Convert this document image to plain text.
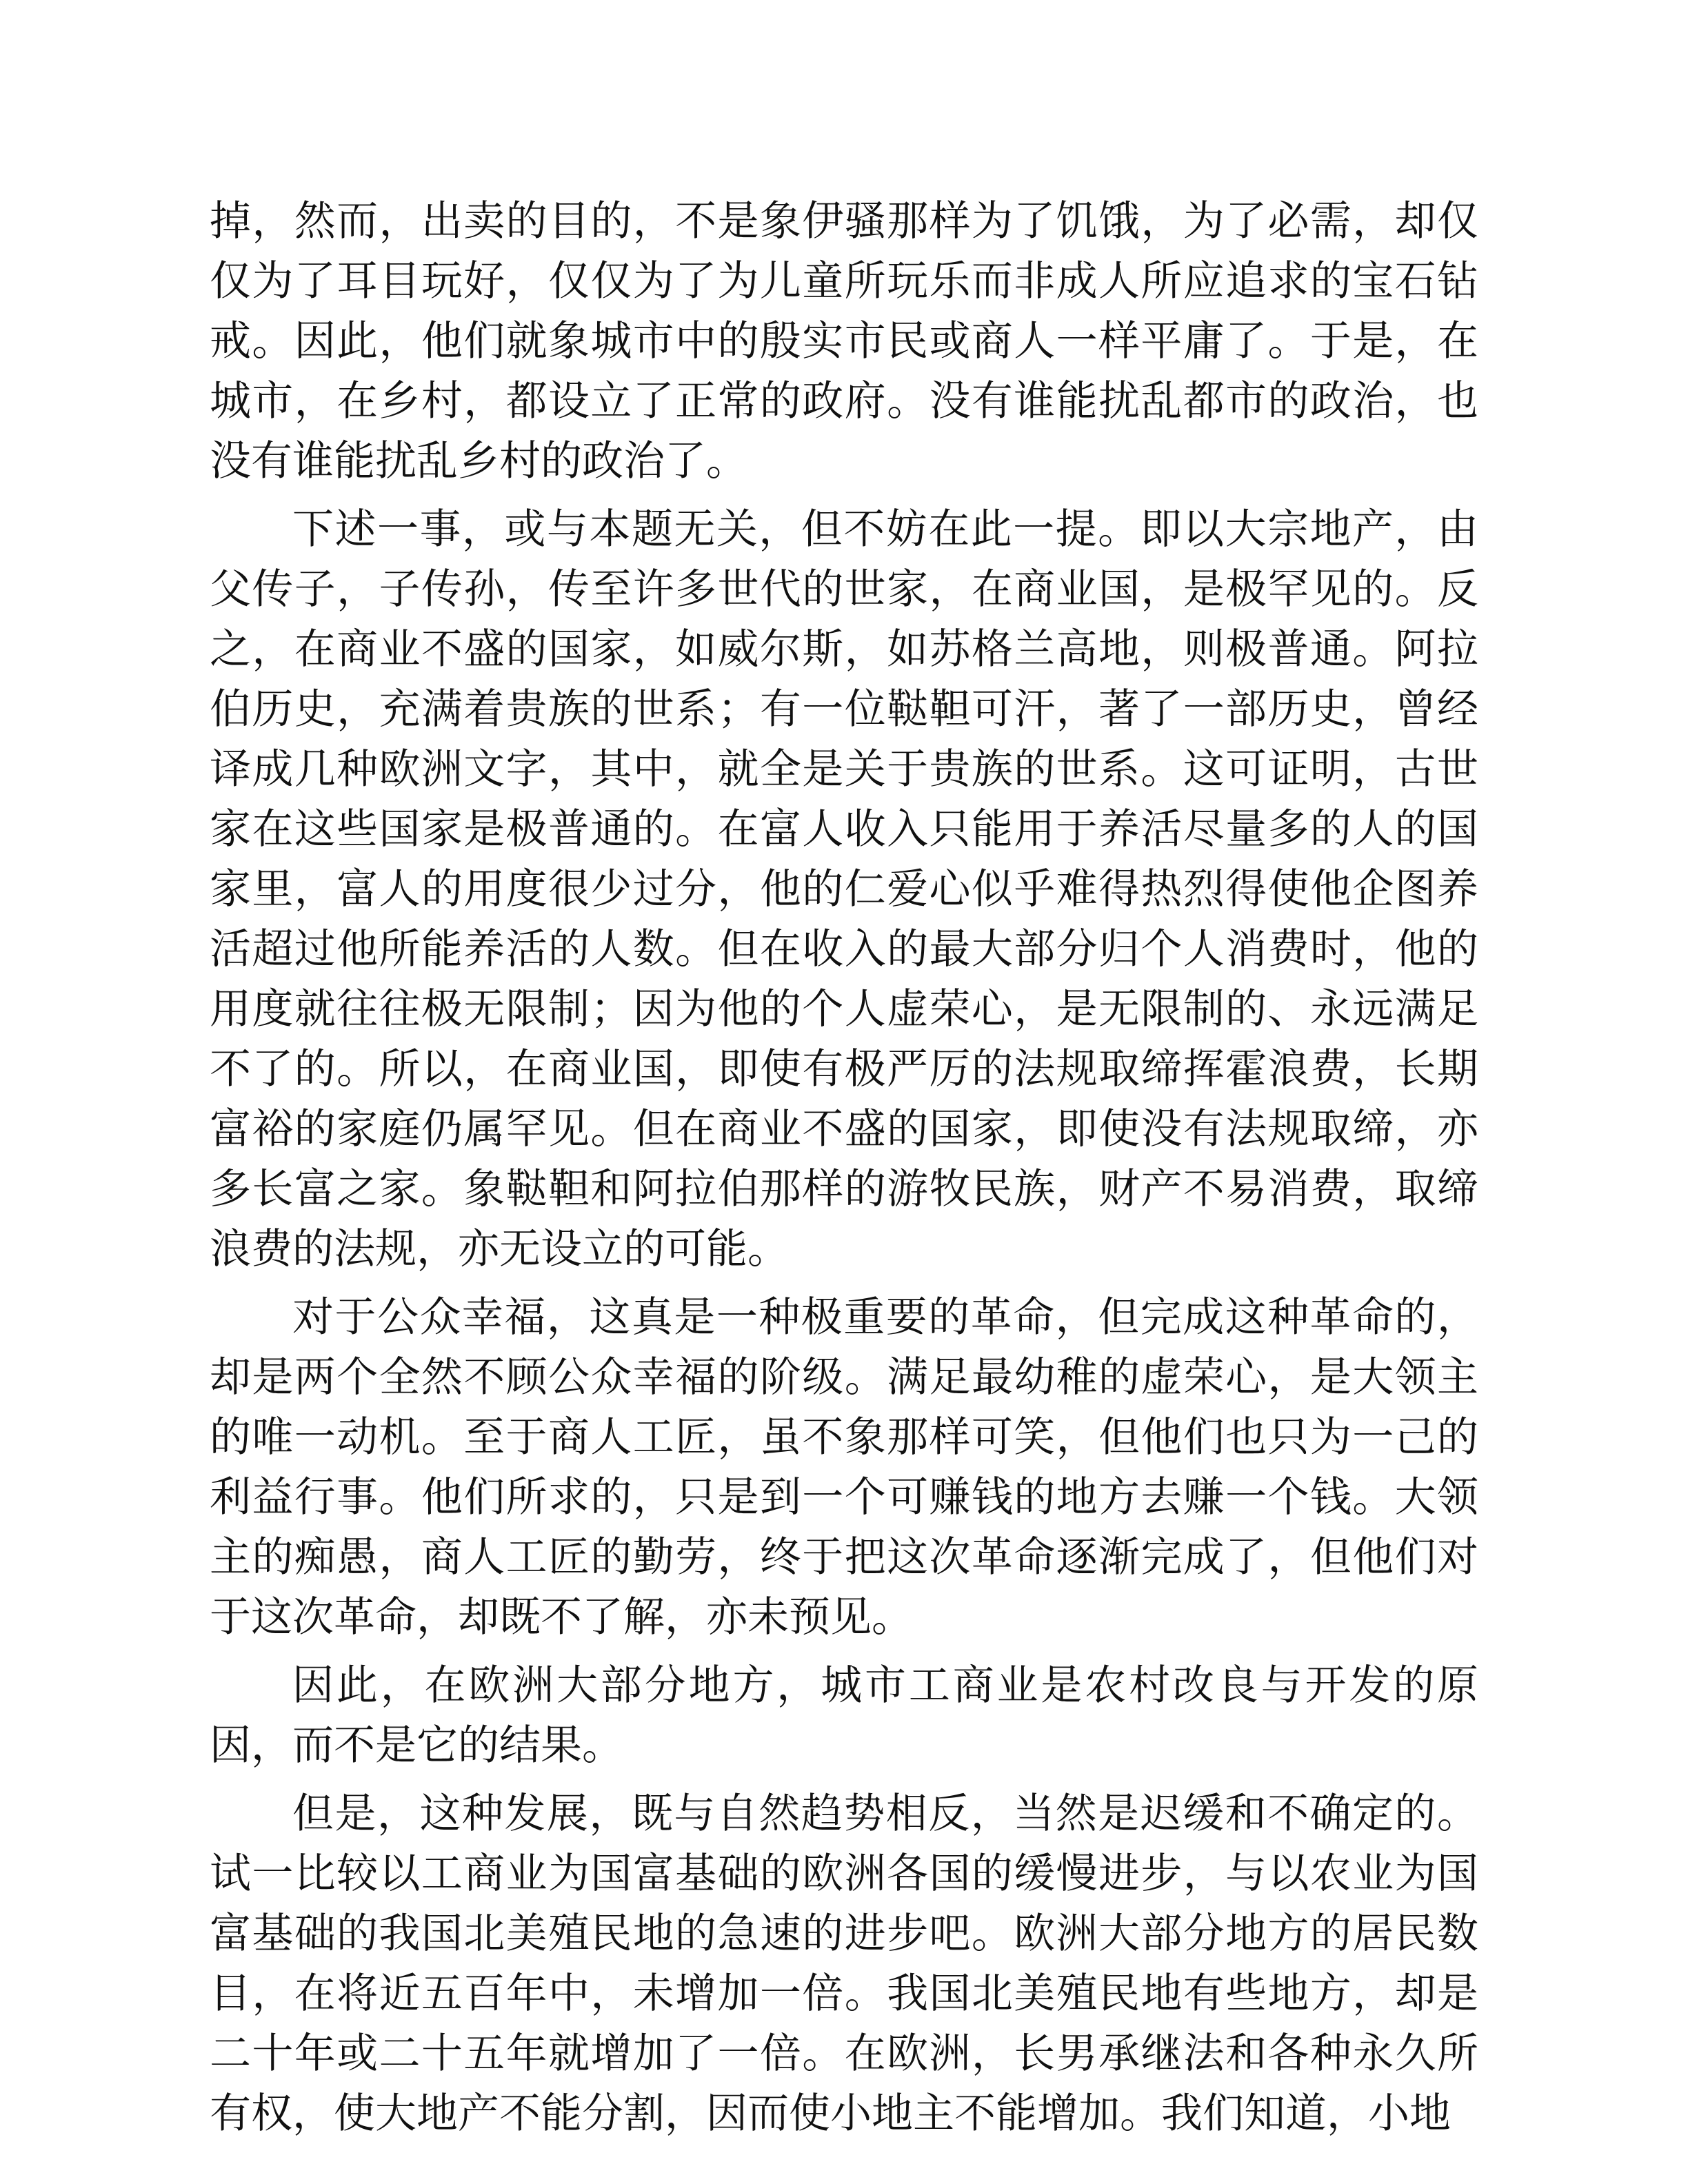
掉，然而，出卖的目的，不是象伊骚那样为了饥饿，为了必需，却仅仅为了耳目玩好，仅仅为了为儿童所玩乐而非成人所应追求的宝石钻戒。因此，他们就象城市中的殷实市民或商人一样平庸了。于是，在城市，在乡村，都设立了正常的政府。没有谁能扰乱都市的政治，也没有谁能扰乱乡村的政治了。

下述一事，或与本题无关，但不妨在此一提。即以大宗地产，由父传子，子传孙，传至许多世代的世家，在商业国，是极罕见的。反之，在商业不盛的国家，如威尔斯，如苏格兰高地，则极普通。阿拉伯历史，充满着贵族的世系；有一位鞑靼可汗，著了一部历史，曾经译成几种欧洲文字，其中，就全是关于贵族的世系。这可证明，古世家在这些国家是极普通的。在富人收入只能用于养活尽量多的人的国家里，富人的用度很少过分，他的仁爱心似乎难得热烈得使他企图养活超过他所能养活的人数。但在收入的最大部分归个人消费时，他的用度就往往极无限制；因为他的个人虚荣心，是无限制的、永远满足不了的。所以，在商业国，即使有极严厉的法规取缔挥霍浪费，长期富裕的家庭仍属罕见。但在商业不盛的国家，即使没有法规取缔，亦多长富之家。象鞑靼和阿拉伯那样的游牧民族，财产不易消费，取缔浪费的法规，亦无设立的可能。

对于公众幸福，这真是一种极重要的革命，但完成这种革命的，却是两个全然不顾公众幸福的阶级。满足最幼稚的虚荣心，是大领主的唯一动机。至于商人工匠，虽不象那样可笑，但他们也只为一己的利益行事。他们所求的，只是到一个可赚钱的地方去赚一个钱。大领主的痴愚，商人工匠的勤劳，终于把这次革命逐渐完成了，但他们对于这次革命，却既不了解，亦未预见。

因此，在欧洲大部分地方，城市工商业是农村改良与开发的原因，而不是它的结果。

但是，这种发展，既与自然趋势相反，当然是迟缓和不确定的。试一比较以工商业为国富基础的欧洲各国的缓慢进步，与以农业为国富基础的我国北美殖民地的急速的进步吧。欧洲大部分地方的居民数目，在将近五百年中，未增加一倍。我国北美殖民地有些地方，却是二十年或二十五年就增加了一倍。在欧洲，长男承继法和各种永久所有权，使大地产不能分割，因而使小地主不能增加。我们知道，小地
